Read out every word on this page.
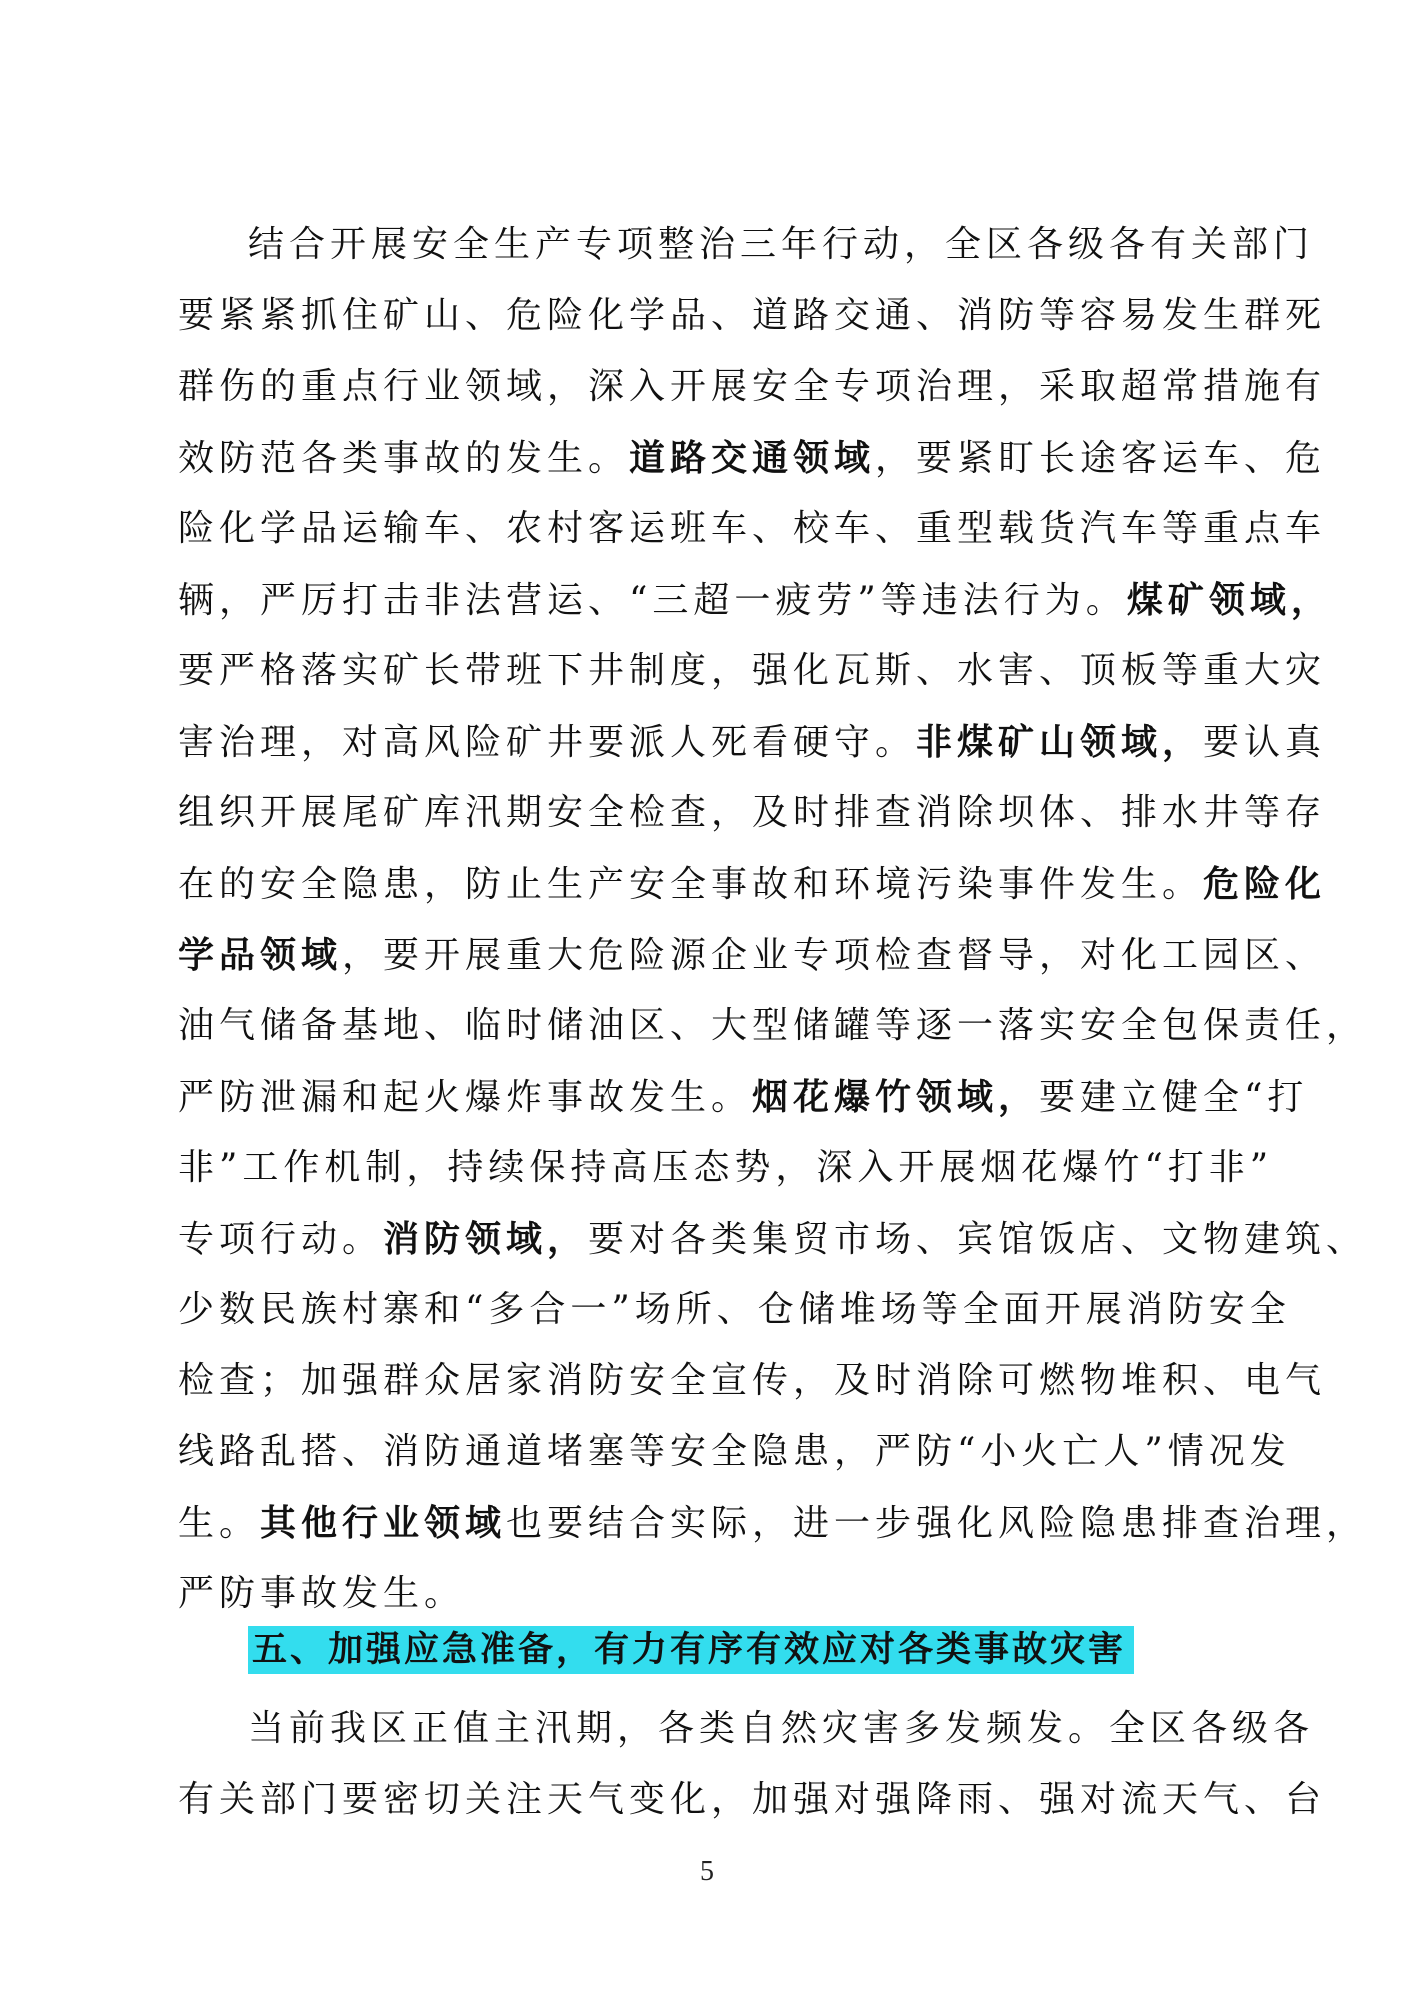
结合开展安全生产专项整治三年行动，全区各级各有关部门
要紧紧抓住矿山、危险化学品、道路交通、消防等容易发生群死
群伤的重点行业领域，深入开展安全专项治理，采取超常措施有
效防范各类事故的发生。道路交通领域，要紧盯长途客运车、危
险化学品运输车、农村客运班车、校车、重型载货汽车等重点车
辆，严厉打击非法营运、“三超一疲劳”等违法行为。煤矿领域，
要严格落实矿长带班下井制度，强化瓦斯、水害、顶板等重大灾
害治理，对高风险矿井要派人死看硬守。非煤矿山领域，要认真
组织开展尾矿库汛期安全检查，及时排查消除坝体、排水井等存
在的安全隐患，防止生产安全事故和环境污染事件发生。危险化
学品领域，要开展重大危险源企业专项检查督导，对化工园区、
油气储备基地、临时储油区、大型储罐等逐一落实安全包保责任，
严防泄漏和起火爆炸事故发生。烟花爆竹领域，要建立健全“打
非”工作机制，持续保持高压态势，深入开展烟花爆竹“打非”
专项行动。消防领域，要对各类集贸市场、宾馆饭店、文物建筑、
少数民族村寨和“多合一”场所、仓储堆场等全面开展消防安全
检查；加强群众居家消防安全宣传，及时消除可燃物堆积、电气
线路乱搭、消防通道堵塞等安全隐患，严防“小火亡人”情况发
生。其他行业领域也要结合实际，进一步强化风险隐患排查治理，
严防事故发生。
五、加强应急准备，有力有序有效应对各类事故灾害
当前我区正值主汛期，各类自然灾害多发频发。全区各级各
有关部门要密切关注天气变化，加强对强降雨、强对流天气、台
5
